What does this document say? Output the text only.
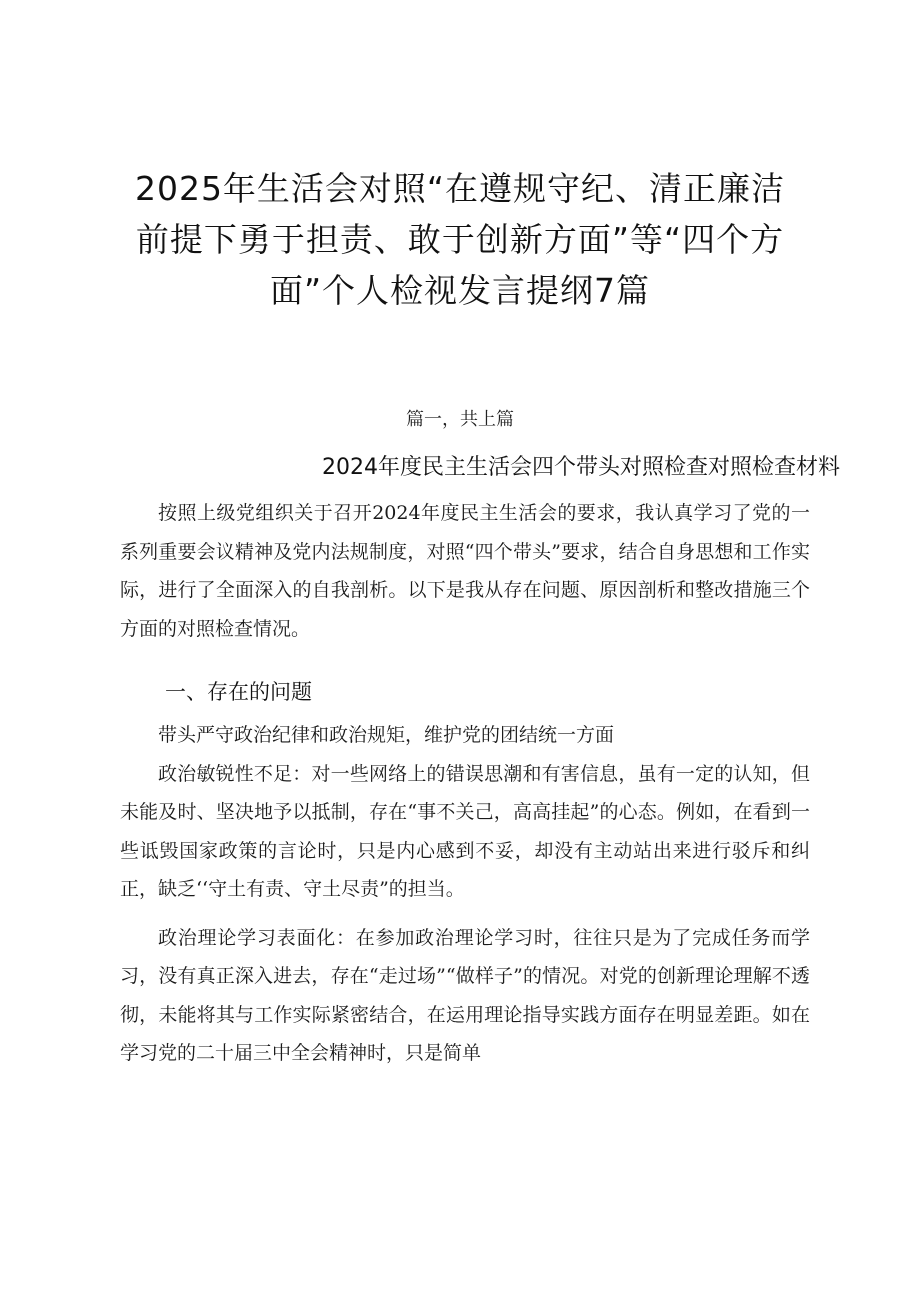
2025年生活会对照“在遵规守纪、清正廉洁
前提下勇于担责、敢于创新方面”等“四个方
面”个人检视发言提纲7篇
篇一，共上篇
2024年度民主生活会四个带头对照检查对照检查材料

按照上级党组织关于召开2024年度民主生活会的要求，我认真学习了党的一系列重要会议精神及党内法规制度，对照“四个带头”要求，结合自身思想和工作实际，进行了全面深入的自我剖析。以下是我从存在问题、原因剖析和整改措施三个方面的对照检查情况。

一、存在的问题

带头严守政治纪律和政治规矩，维护党的团结统一方面

政治敏锐性不足：对一些网络上的错误思潮和有害信息，虽有一定的认知，但未能及时、坚决地予以抵制，存在“事不关己，高高挂起”的心态。例如，在看到一些诋毁国家政策的言论时，只是内心感到不妥，却没有主动站出来进行驳斥和纠正，缺乏‘‘守土有责、守土尽责”的担当。

政治理论学习表面化：在参加政治理论学习时，往往只是为了完成任务而学习，没有真正深入进去，存在“走过场”“做样子”的情况。对党的创新理论理解不透彻，未能将其与工作实际紧密结合，在运用理论指导实践方面存在明显差距。如在学习党的二十届三中全会精神时，只是简单
